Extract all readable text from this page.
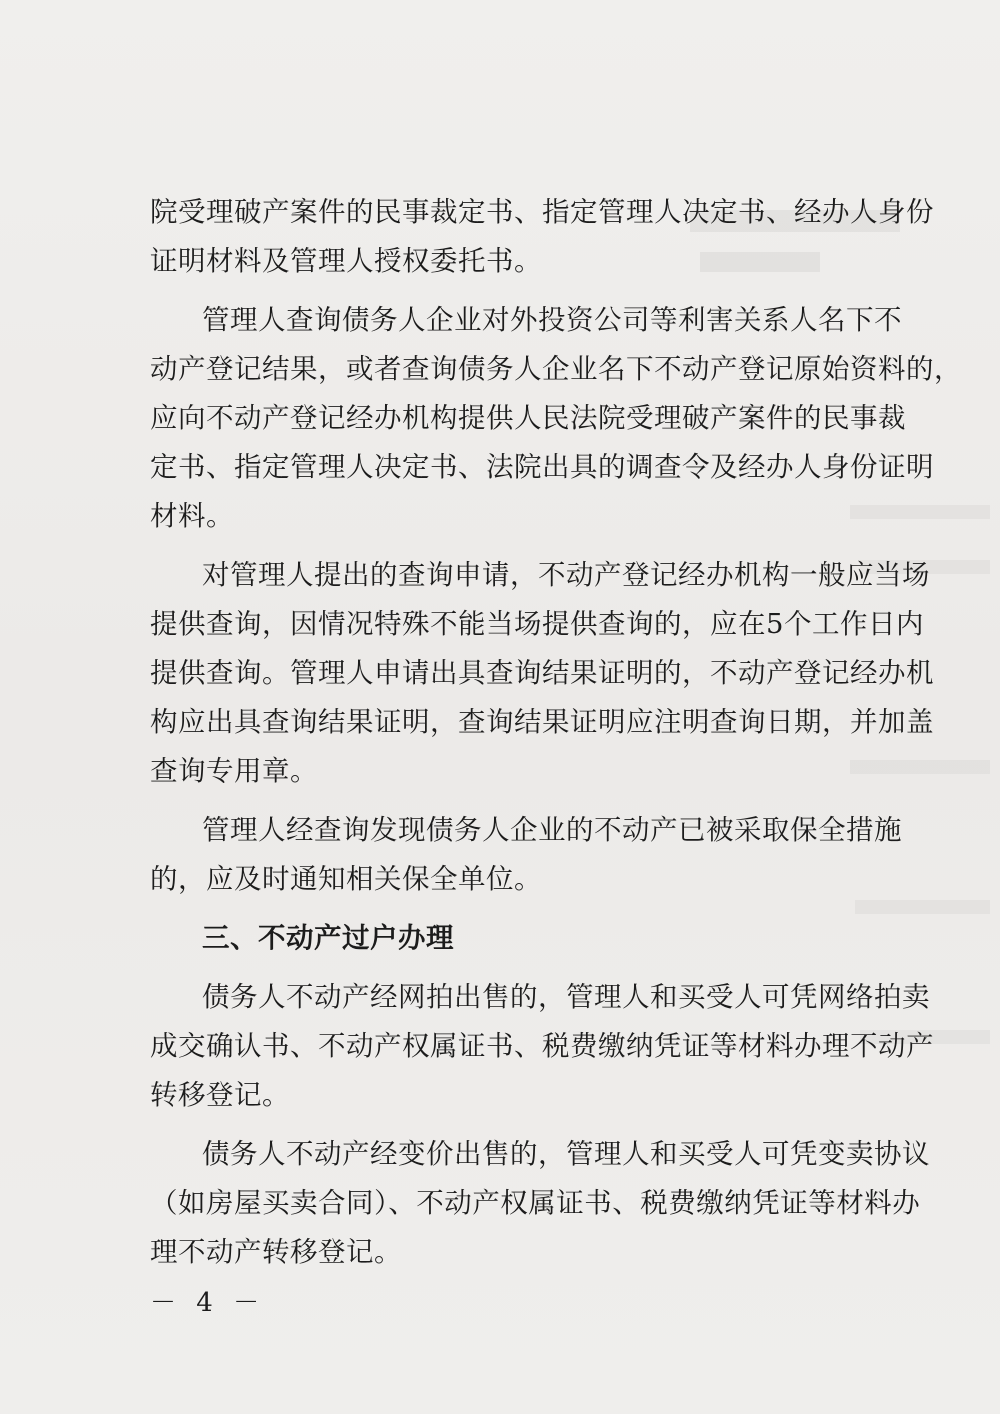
院受理破产案件的民事裁定书、指定管理人决定书、经办人身份
证明材料及管理人授权委托书。
管理人查询债务人企业对外投资公司等利害关系人名下不
动产登记结果，或者查询债务人企业名下不动产登记原始资料的，
应向不动产登记经办机构提供人民法院受理破产案件的民事裁
定书、指定管理人决定书、法院出具的调查令及经办人身份证明
材料。
对管理人提出的查询申请，不动产登记经办机构一般应当场
提供查询，因情况特殊不能当场提供查询的，应在5个工作日内
提供查询。管理人申请出具查询结果证明的，不动产登记经办机
构应出具查询结果证明，查询结果证明应注明查询日期，并加盖
查询专用章。
管理人经查询发现债务人企业的不动产已被采取保全措施
的，应及时通知相关保全单位。
三、不动产过户办理
债务人不动产经网拍出售的，管理人和买受人可凭网络拍卖
成交确认书、不动产权属证书、税费缴纳凭证等材料办理不动产
转移登记。
债务人不动产经变价出售的，管理人和买受人可凭变卖协议
（如房屋买卖合同）、不动产权属证书、税费缴纳凭证等材料办
理不动产转移登记。
－ 4 －
